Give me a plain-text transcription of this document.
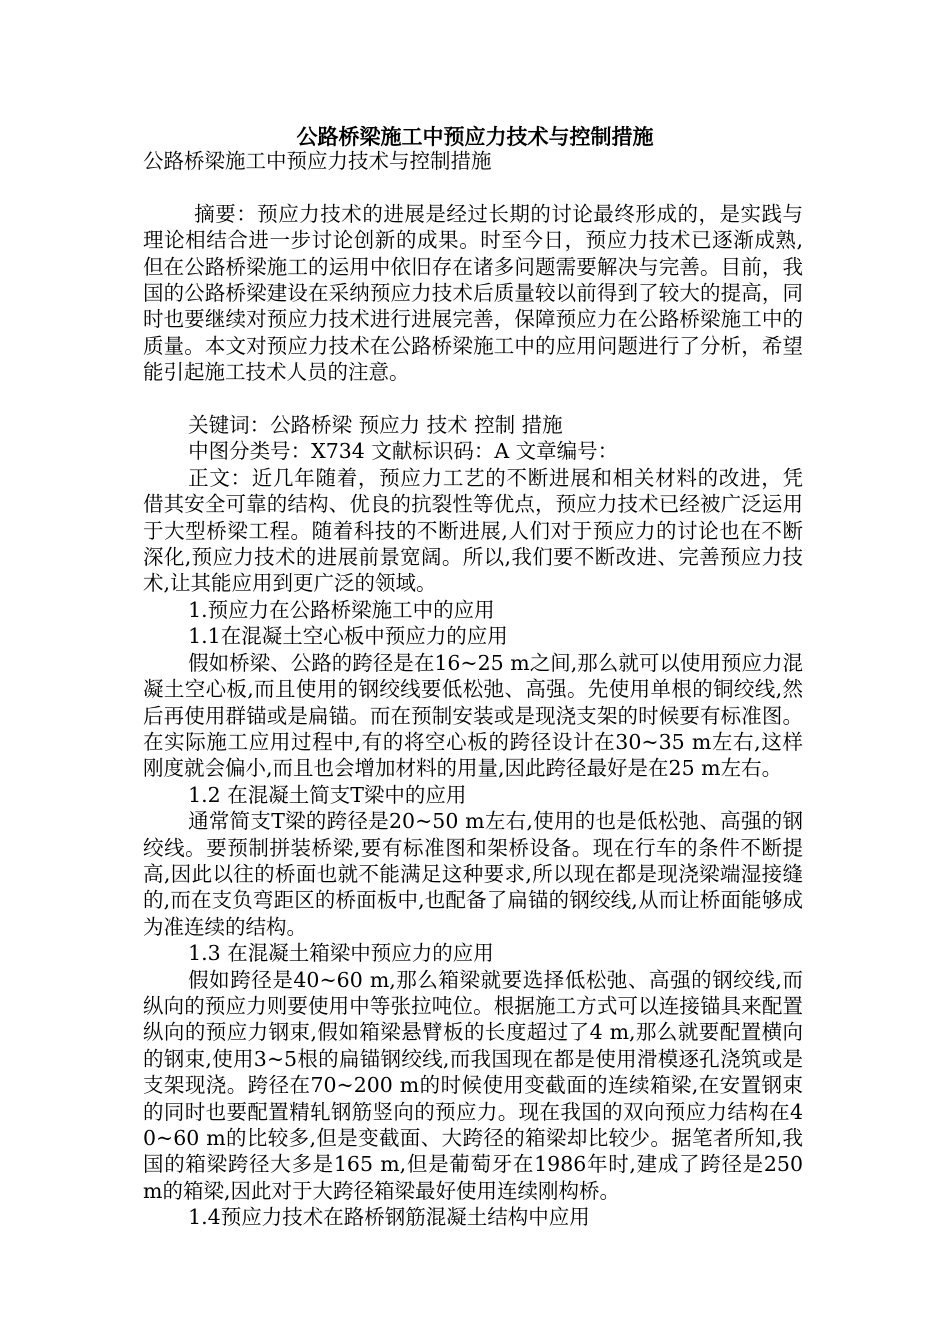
公路桥梁施工中预应力技术与控制措施

公路桥梁施工中预应力技术与控制措施

摘要：预应力技术的进展是经过长期的讨论最终形成的，是实践与理论相结合进一步讨论创新的成果。时至今日，预应力技术已逐渐成熟,但在公路桥梁施工的运用中依旧存在诸多问题需要解决与完善。目前，我国的公路桥梁建设在采纳预应力技术后质量较以前得到了较大的提高，同时也要继续对预应力技术进行进展完善，保障预应力在公路桥梁施工中的质量。本文对预应力技术在公路桥梁施工中的应用问题进行了分析，希望能引起施工技术人员的注意。

关键词：公路桥梁 预应力 技术 控制 措施

中图分类号：X734 文献标识码：A 文章编号：

正文：近几年随着，预应力工艺的不断进展和相关材料的改进，凭借其安全可靠的结构、优良的抗裂性等优点，预应力技术已经被广泛运用于大型桥梁工程。随着科技的不断进展,人们对于预应力的讨论也在不断深化,预应力技术的进展前景宽阔。所以,我们要不断改进、完善预应力技术,让其能应用到更广泛的领域。

1.预应力在公路桥梁施工中的应用

1.1在混凝土空心板中预应力的应用

假如桥梁、公路的跨径是在16~25 m之间,那么就可以使用预应力混凝土空心板,而且使用的钢绞线要低松弛、高强。先使用单根的铜绞线,然后再使用群锚或是扁锚。而在预制安装或是现浇支架的时候要有标准图。在实际施工应用过程中,有的将空心板的跨径设计在30~35 m左右,这样刚度就会偏小,而且也会增加材料的用量,因此跨径最好是在25 m左右。

1.2 在混凝土简支T梁中的应用

通常简支T梁的跨径是20~50 m左右,使用的也是低松弛、高强的钢绞线。要预制拼装桥梁,要有标准图和架桥设备。现在行车的条件不断提高,因此以往的桥面也就不能满足这种要求,所以现在都是现浇梁端湿接缝的,而在支负弯距区的桥面板中,也配备了扁锚的钢绞线,从而让桥面能够成为准连续的结构。

1.3 在混凝土箱梁中预应力的应用

假如跨径是40~60 m,那么箱梁就要选择低松弛、高强的钢绞线,而纵向的预应力则要使用中等张拉吨位。根据施工方式可以连接锚具来配置纵向的预应力钢束,假如箱梁悬臂板的长度超过了4 m,那么就要配置横向的钢束,使用3~5根的扁锚钢绞线,而我国现在都是使用滑模逐孔浇筑或是支架现浇。跨径在70~200 m的时候使用变截面的连续箱梁,在安置钢束的同时也要配置精轧钢筋竖向的预应力。现在我国的双向预应力结构在40~60 m的比较多,但是变截面、大跨径的箱梁却比较少。据笔者所知,我国的箱梁跨径大多是165 m,但是葡萄牙在1986年时,建成了跨径是250 m的箱梁,因此对于大跨径箱梁最好使用连续刚构桥。

1.4预应力技术在路桥钢筋混凝土结构中应用
